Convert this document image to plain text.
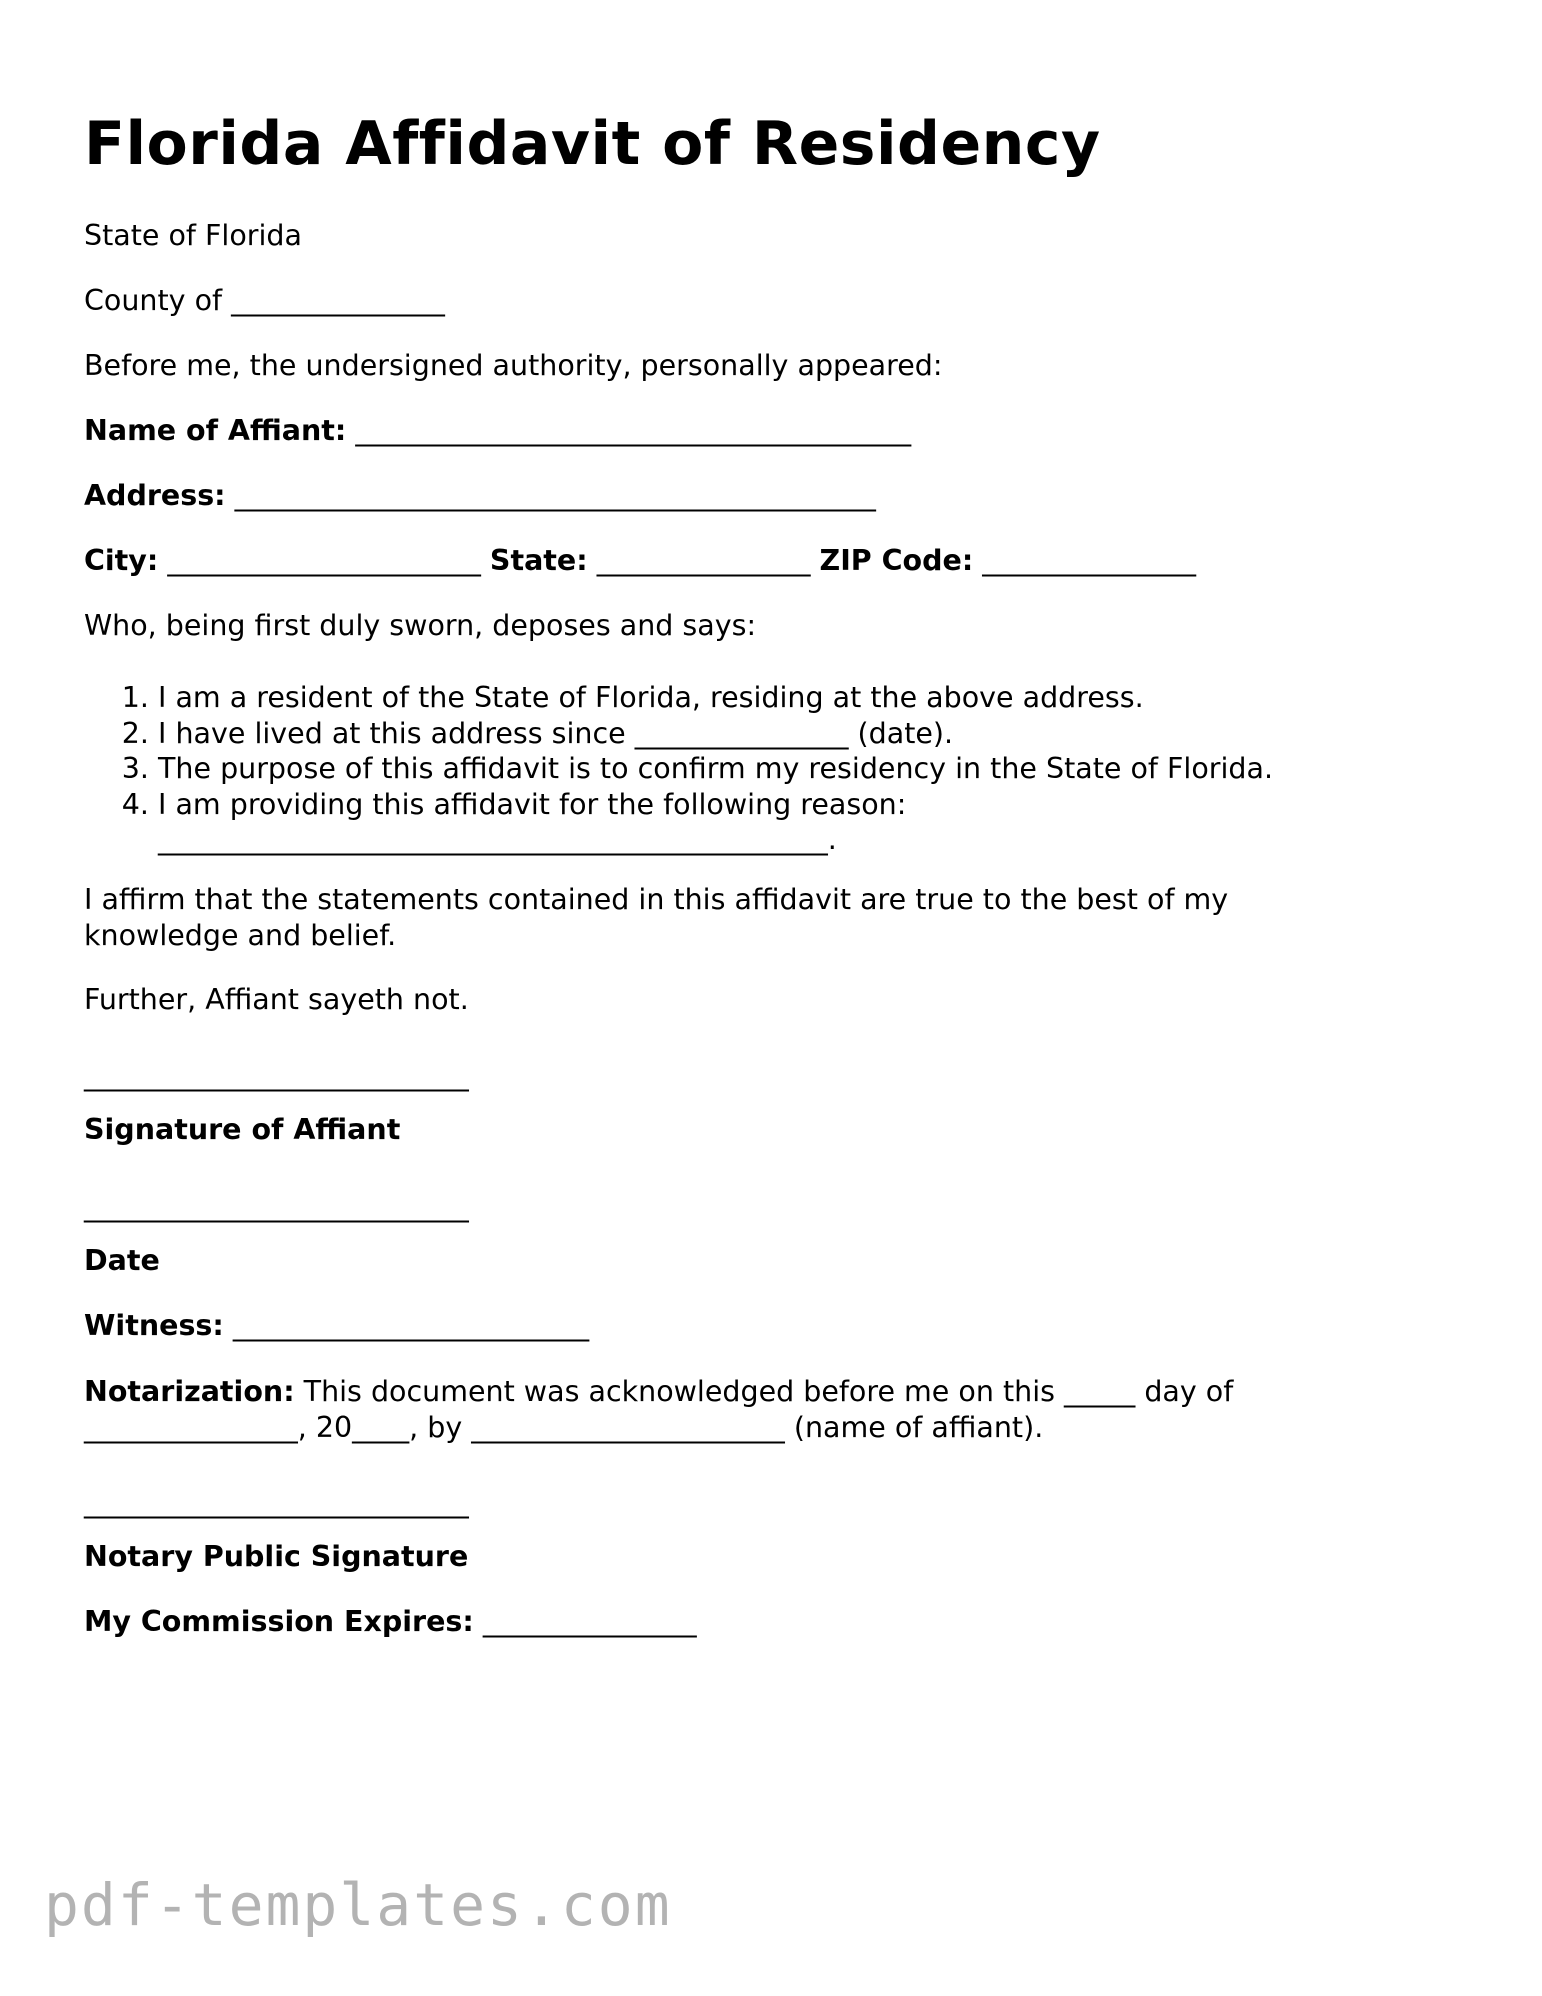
Florida Affidavit of Residency

State of Florida

County of _______________

Before me, the undersigned authority, personally appeared:

Name of Affiant: _______________________________________

Address: _____________________________________________

City: ______________________ State: _______________ ZIP Code: _______________

Who, being first duly sworn, deposes and says:

1. I am a resident of the State of Florida, residing at the above address.
2. I have lived at this address since _______________ (date).
3. The purpose of this affidavit is to confirm my residency in the State of Florida.
4. I am providing this affidavit for the following reason: _______________________________________________.

I affirm that the statements contained in this affidavit are true to the best of my knowledge and belief.

Further, Affiant sayeth not.

___________________________

Signature of Affiant

___________________________

Date

Witness: _________________________

Notarization: This document was acknowledged before me on this _____ day of _______________, 20____, by ______________________ (name of affiant).

___________________________

Notary Public Signature

My Commission Expires: _______________

pdf-templates.com
